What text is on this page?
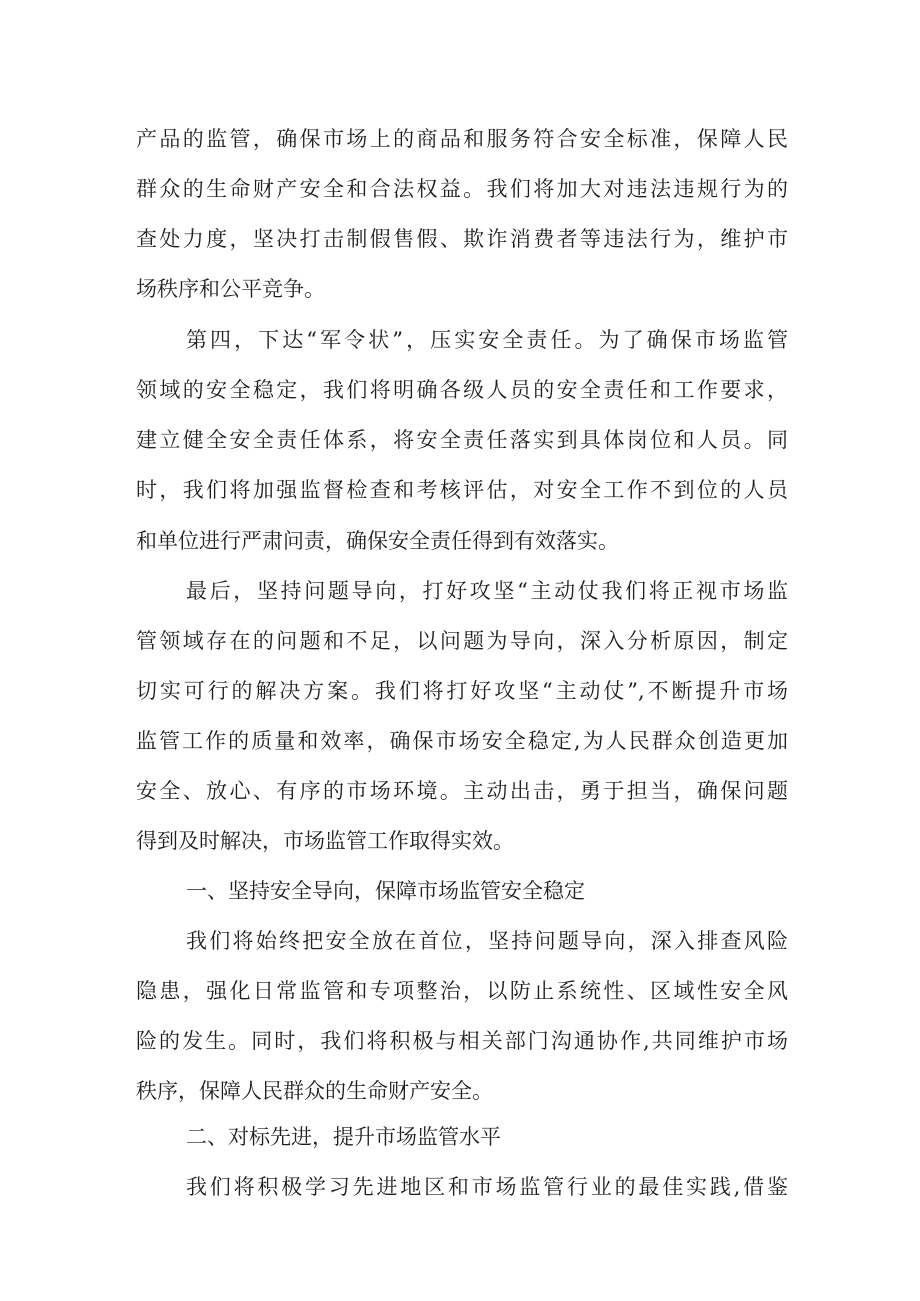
产品的监管，确保市场上的商品和服务符合安全标准，保障人民
群众的生命财产安全和合法权益。我们将加大对违法违规行为的
查处力度，坚决打击制假售假、欺诈消费者等违法行为，维护市
场秩序和公平竞争。
第四，下达“军令状”，压实安全责任。为了确保市场监管
领域的安全稳定，我们将明确各级人员的安全责任和工作要求，
建立健全安全责任体系，将安全责任落实到具体岗位和人员。同
时，我们将加强监督检查和考核评估，对安全工作不到位的人员
和单位进行严肃问责，确保安全责任得到有效落实。
最后，坚持问题导向，打好攻坚“主动仗我们将正视市场监
管领域存在的问题和不足，以问题为导向，深入分析原因，制定
切实可行的解决方案。我们将打好攻坚“主动仗”,不断提升市场
监管工作的质量和效率，确保市场安全稳定,为人民群众创造更加
安全、放心、有序的市场环境。主动出击，勇于担当，确保问题
得到及时解决，市场监管工作取得实效。
一、坚持安全导向，保障市场监管安全稳定
我们将始终把安全放在首位，坚持问题导向，深入排查风险
隐患，强化日常监管和专项整治，以防止系统性、区域性安全风
险的发生。同时，我们将积极与相关部门沟通协作,共同维护市场
秩序，保障人民群众的生命财产安全。
二、对标先进，提升市场监管水平
我们将积极学习先进地区和市场监管行业的最佳实践,借鉴
